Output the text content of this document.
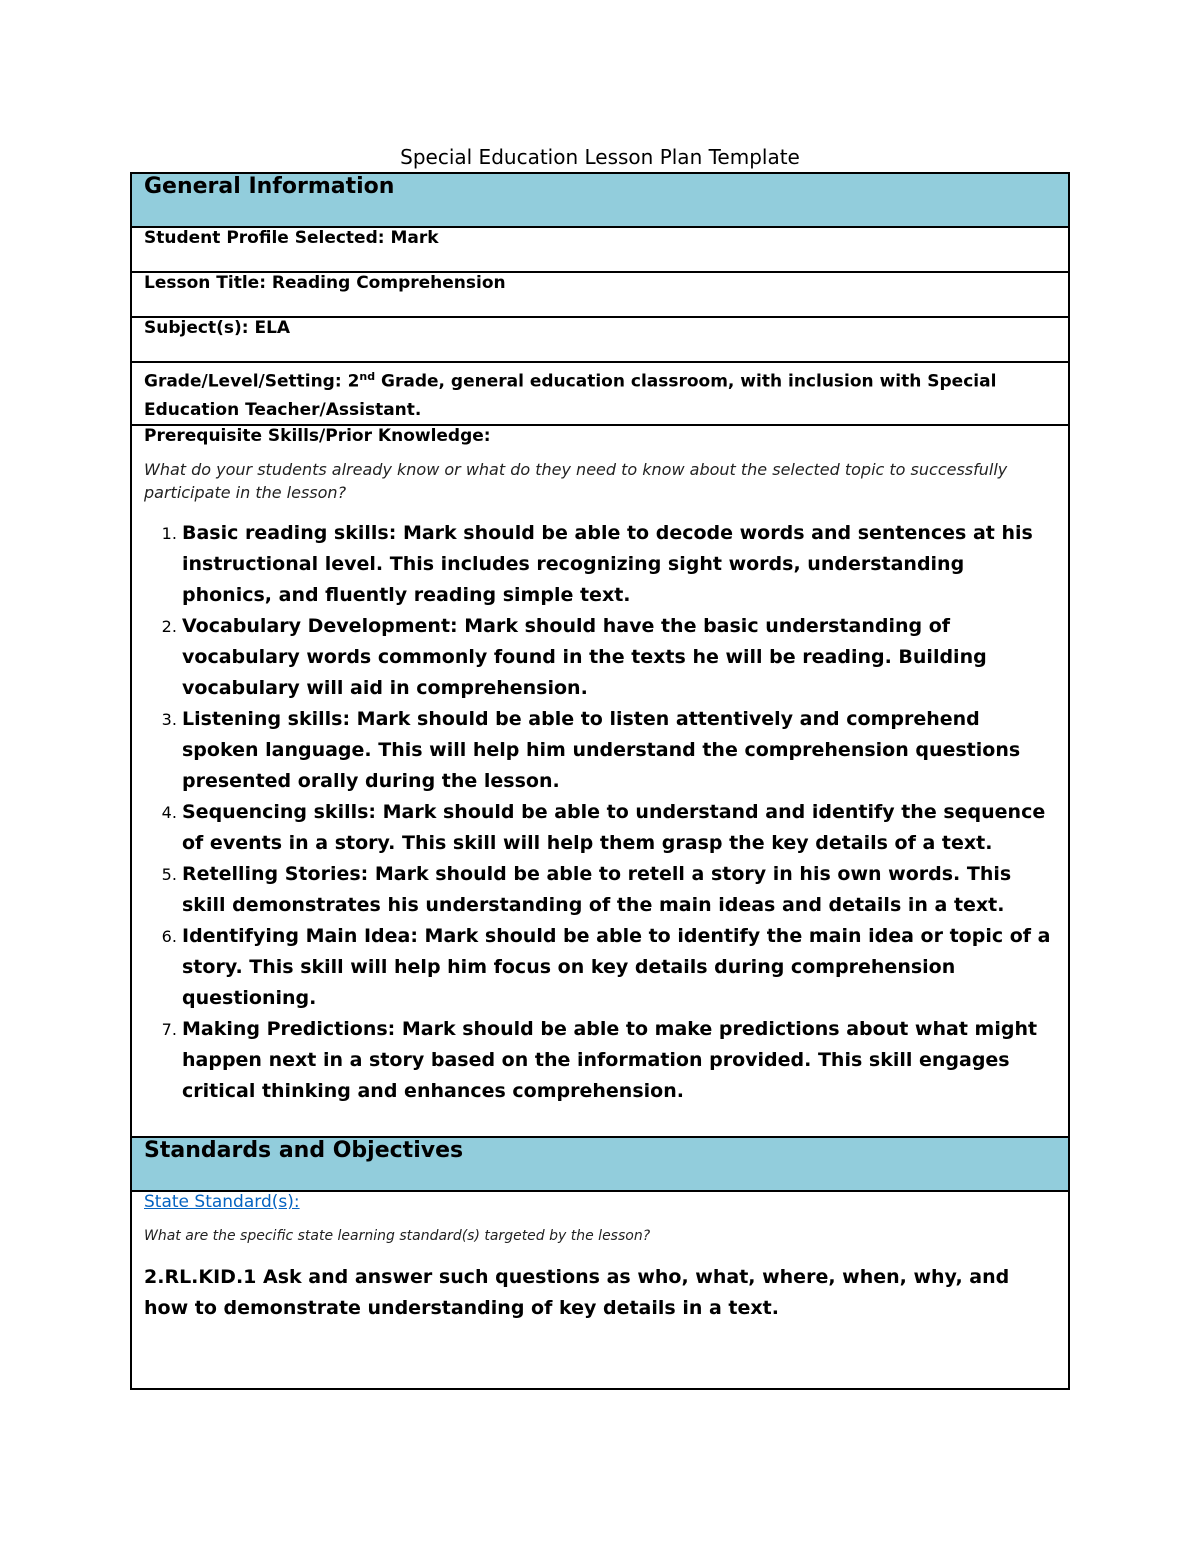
Special Education Lesson Plan Template
General Information
Student Profile Selected: Mark
Lesson Title: Reading Comprehension
Subject(s): ELA
Grade/Level/Setting: 2nd Grade, general education classroom, with inclusion with Special Education Teacher/Assistant.

Prerequisite Skills/Prior Knowledge:
What do your students already know or what do they need to know about the selected topic to successfully participate in the lesson?
1. Basic reading skills: Mark should be able to decode words and sentences at his instructional level. This includes recognizing sight words, understanding phonics, and fluently reading simple text.
2. Vocabulary Development: Mark should have the basic understanding of vocabulary words commonly found in the texts he will be reading. Building vocabulary will aid in comprehension.
3. Listening skills: Mark should be able to listen attentively and comprehend spoken language. This will help him understand the comprehension questions presented orally during the lesson.
4. Sequencing skills: Mark should be able to understand and identify the sequence of events in a story. This skill will help them grasp the key details of a text.
5. Retelling Stories: Mark should be able to retell a story in his own words. This skill demonstrates his understanding of the main ideas and details in a text.
6. Identifying Main Idea: Mark should be able to identify the main idea or topic of a story. This skill will help him focus on key details during comprehension questioning.
7. Making Predictions: Mark should be able to make predictions about what might happen next in a story based on the information provided. This skill engages critical thinking and enhances comprehension.

Standards and Objectives
State Standard(s):
What are the specific state learning standard(s) targeted by the lesson?
2.RL.KID.1 Ask and answer such questions as who, what, where, when, why, and how to demonstrate understanding of key details in a text.
